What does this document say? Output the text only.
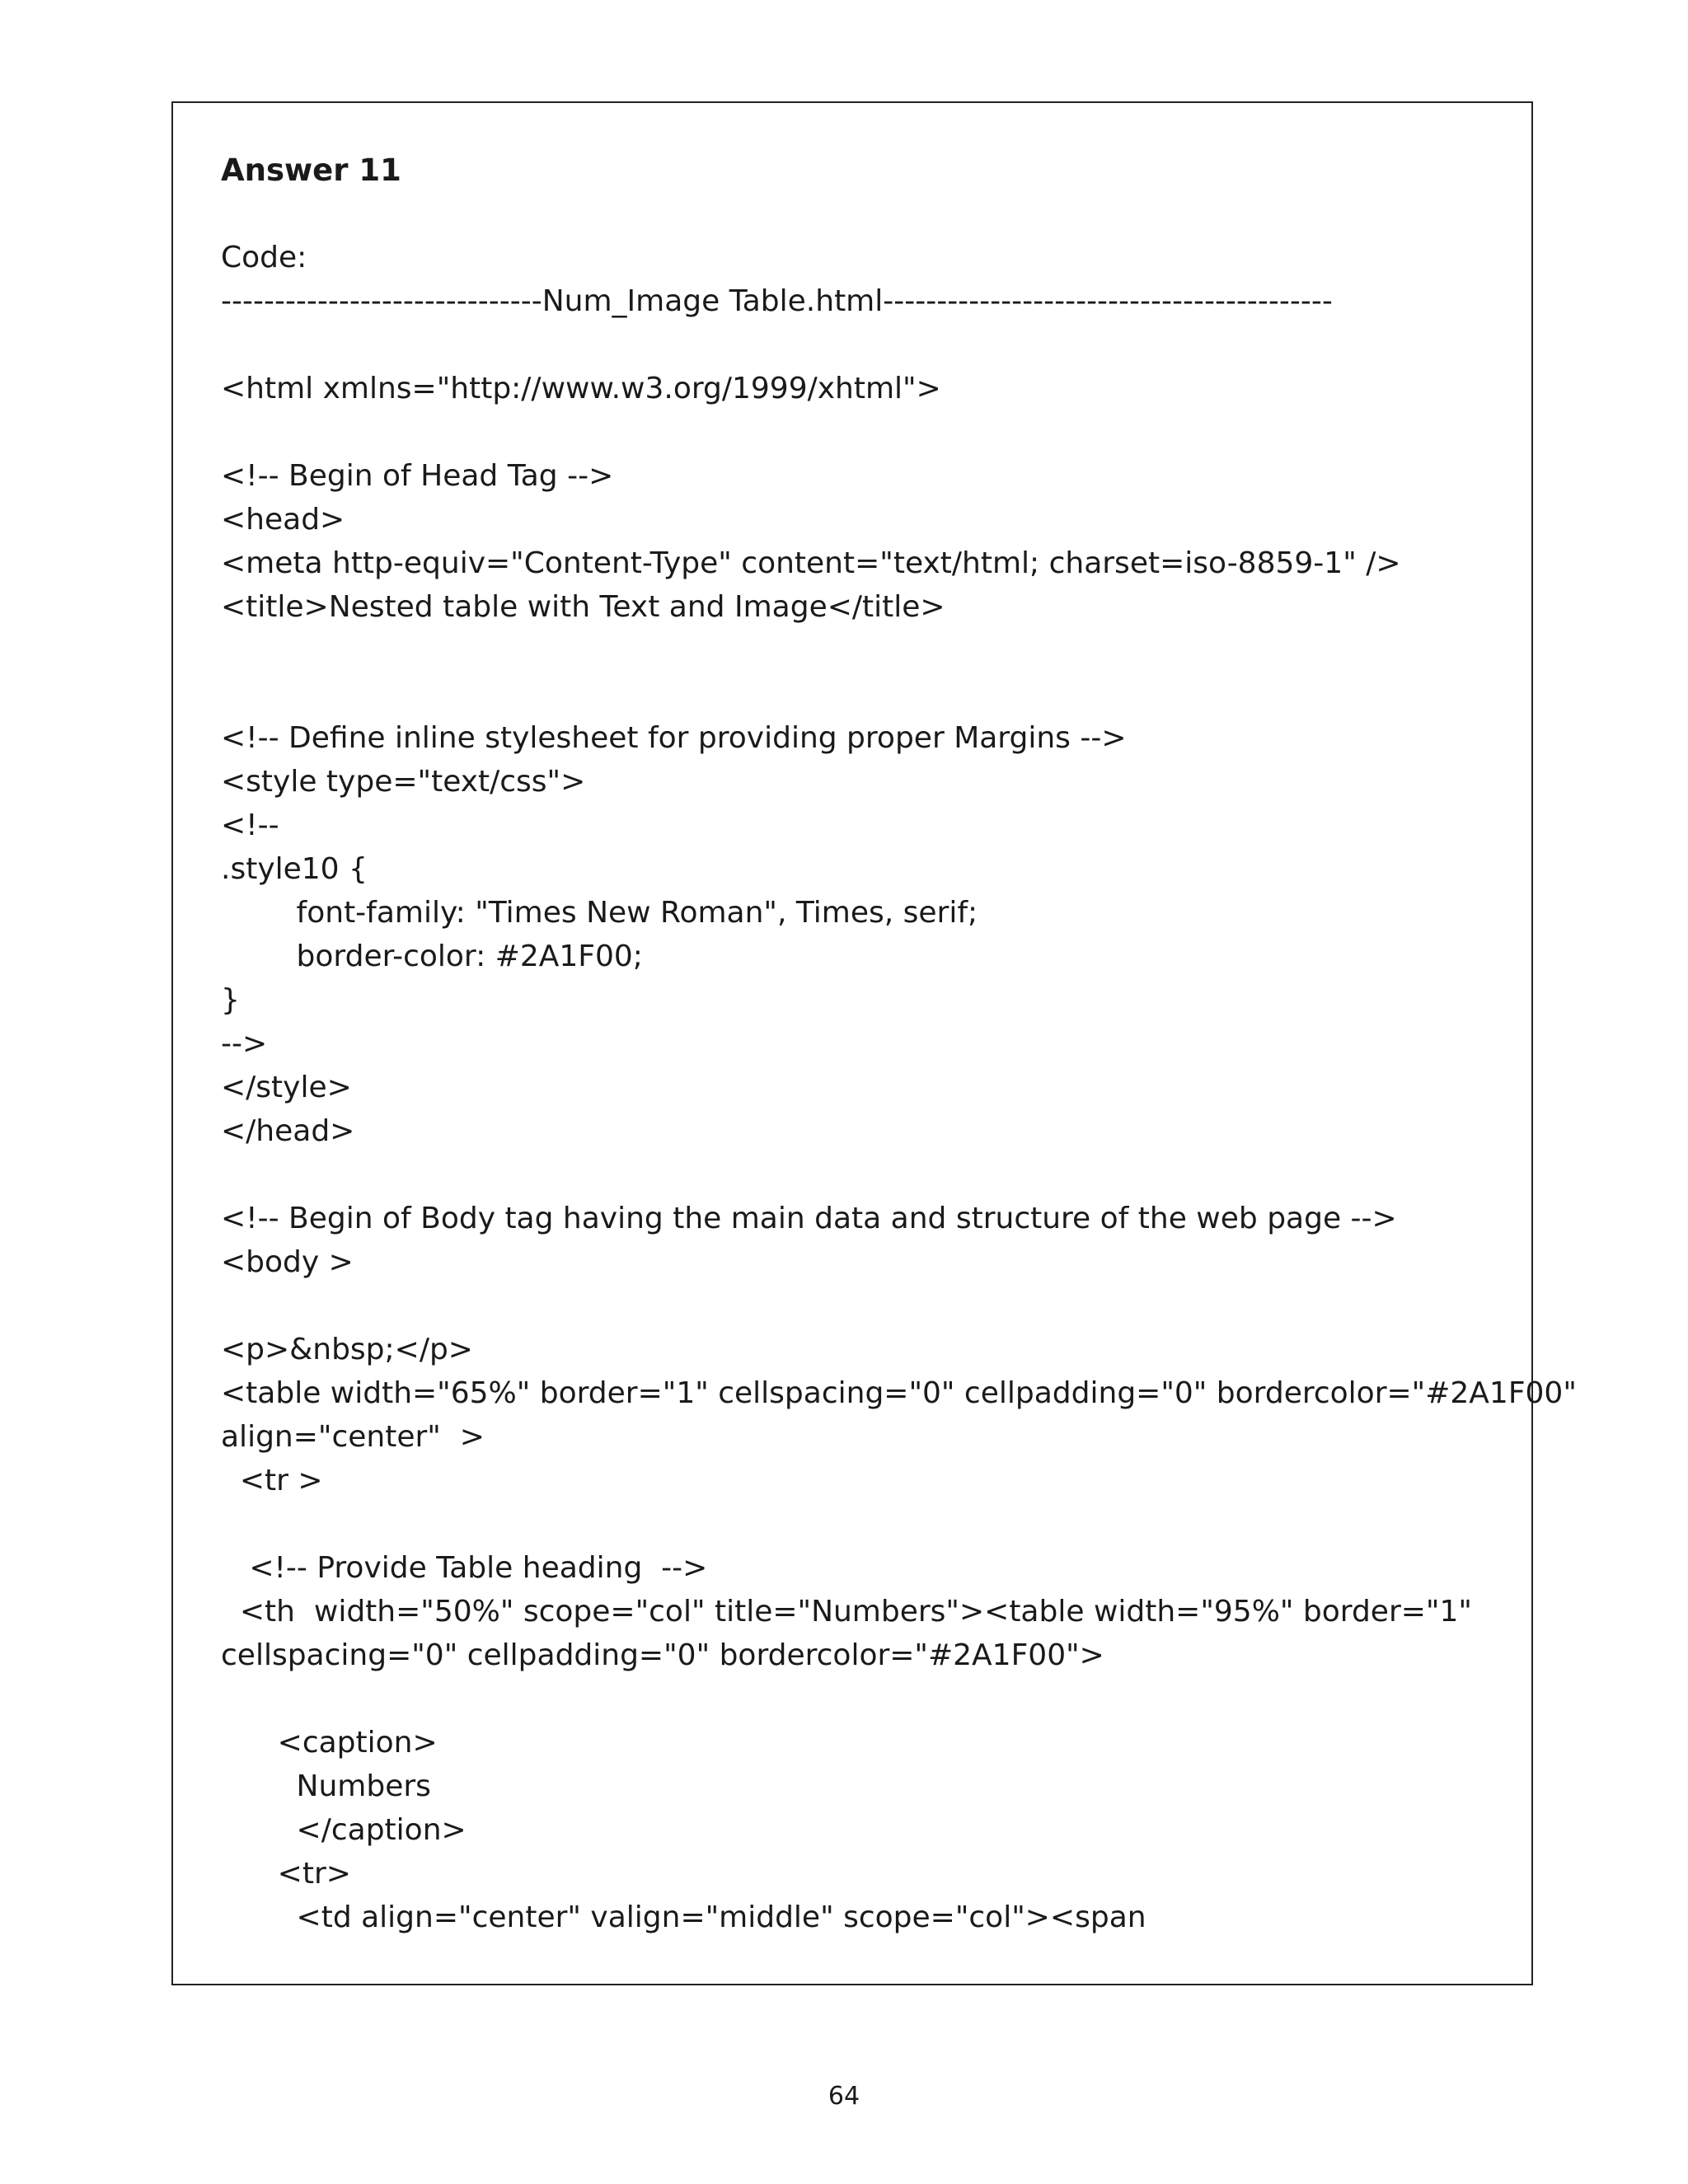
Answer 11
Code:
------------------------------Num_Image Table.html------------------------------------------
<html xmlns="http://www.w3.org/1999/xhtml">
<!-- Begin of Head Tag -->
<head>
<meta http-equiv="Content-Type" content="text/html; charset=iso-8859-1" />
<title>Nested table with Text and Image</title>
<!-- Define inline stylesheet for providing proper Margins -->
<style type="text/css">
<!--
.style10 {
font-family: "Times New Roman", Times, serif;
border-color: #2A1F00;
}
-->
</style>
</head>
<!-- Begin of Body tag having the main data and structure of the web page -->
<body >
<p>&nbsp;</p>
<table width="65%" border="1" cellspacing="0" cellpadding="0" bordercolor="#2A1F00"
align="center"  >
<tr >
<!-- Provide Table heading  -->
<th  width="50%" scope="col" title="Numbers"><table width="95%" border="1"
cellspacing="0" cellpadding="0" bordercolor="#2A1F00">
<caption>
Numbers
</caption>
<tr>
<td align="center" valign="middle" scope="col"><span
64
